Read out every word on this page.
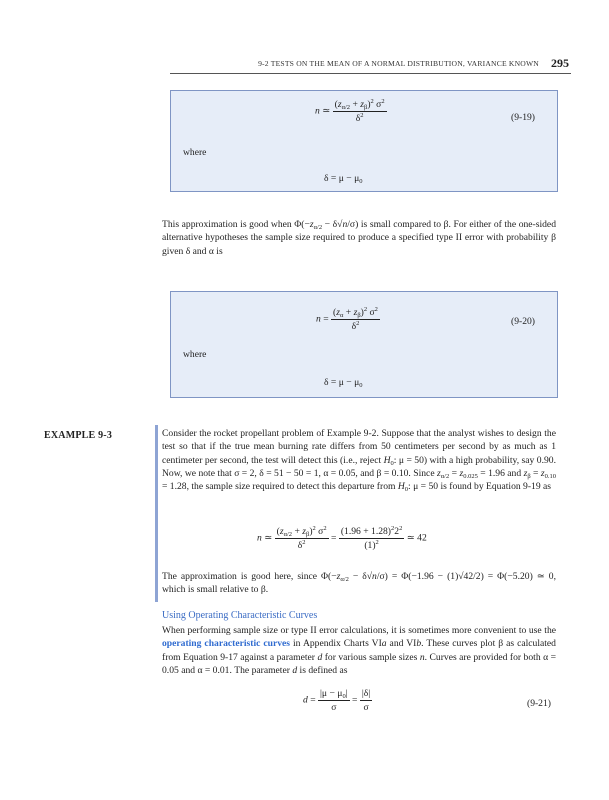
9-2 TESTS ON THE MEAN OF A NORMAL DISTRIBUTION, VARIANCE KNOWN 295
n ≃ $\frac{(z_{\alpha/2} + z_\beta)^2 \sigma^2}{\delta^2}$	(9-19)
where
$\delta = \mu - \mu_0$
This approximation is good when $\Phi(-z_{\alpha/2} - \delta√n/\sigma)$ is small compared to β. For either of the one-sided alternative hypotheses the sample size required to produce a specified type II error with probability β given δ and α is
$n = \frac{(z_\alpha + z_\beta)^2 \sigma^2}{\delta^2}$	(9-20)
where
$\delta = \mu - \mu_0$
EXAMPLE 9-3	Consider the rocket propellant problem of Example 9-2. Suppose that the analyst wishes to design the test so that if the true mean burning rate differs from 50 centimeters per second by as much as 1 centimeter per second, the test will detect this (i.e., reject $H_0$: μ = 50) with a high probability, say 0.90. Now, we note that σ = 2, δ = 51 − 50 = 1, α = 0.05, and β = 0.10. Since $z_{\alpha/2} = z_{0.025} = 1.96$ and $z_\beta = z_{0.10} = 1.28$, the sample size required to detect this departure from $H_0$: μ = 50 is found by Equation 9-19 as
n ≃ $\frac{(z_{\alpha/2} + z_\beta)^2 \sigma^2}{\delta^2} = \frac{(1.96 + 1.28)^22^2}{(1)^2}$ ≃ 42
The approximation is good here, since $\Phi(-z_{\alpha/2} - \delta√n/\sigma) = \Phi(-1.96 - (1)√42/2) = \Phi(-5.20)$ ≃ 0, which is small relative to β.
Using Operating Characteristic Curves
When performing sample size or type II error calculations, it is sometimes more convenient to use the operating characteristic curves in Appendix Charts VIa and VIb. These curves plot β as calculated from Equation 9-17 against a parameter d for various sample sizes n. Curves are provided for both α = 0.05 and α = 0.01. The parameter d is defined as
$d = \frac{|\mu - \mu_0|}{\sigma} = \frac{|\delta|}{\sigma}$	(9-21)
